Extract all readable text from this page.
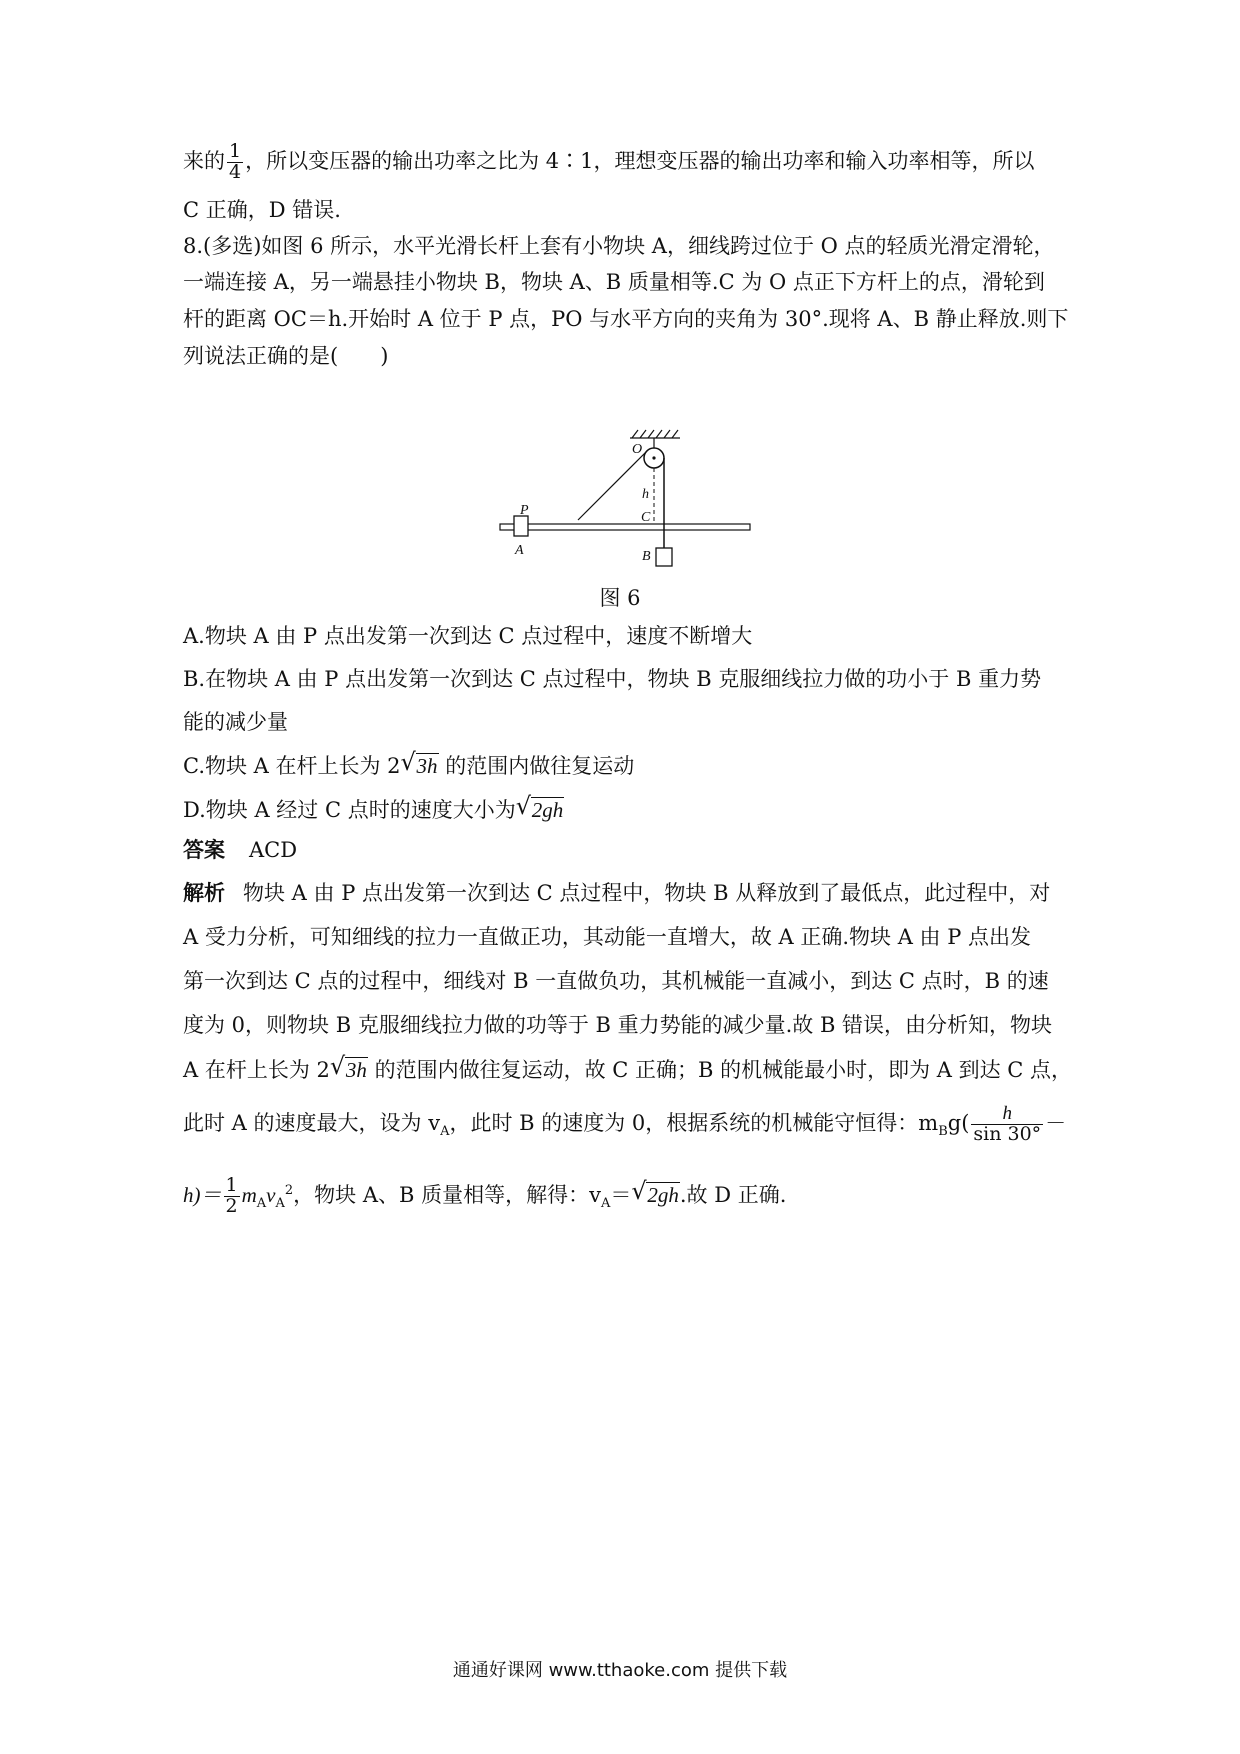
来的 $\frac{1}{4}$ ，所以变压器的输出功率之比为 4∶1，理想变压器的输出功率和输入功率相等，所以
C 正确，D 错误.
8.(多选)如图 6 所示，水平光滑长杆上套有小物块 A，细线跨过位于 O 点的轻质光滑定滑轮，
一端连接 A，另一端悬挂小物块 B，物块 A、B 质量相等.C 为 O 点正下方杆上的点，滑轮到
杆的距离 OC＝h.开始时 A 位于 P 点，PO 与水平方向的夹角为 30°.现将 A、B 静止释放.则下
列说法正确的是(　　)
O
P
A
h
C
B
图 6
A.物块 A 由 P 点出发第一次到达 C 点过程中，速度不断增大
B.在物块 A 由 P 点出发第一次到达 C 点过程中，物块 B 克服细线拉力做的功小于 B 重力势
能的减少量
C.物块 A 在杆上长为 2 √ 3h 的范围内做往复运动
D.物块 A 经过 C 点时的速度大小为 √ 2gh
答案 ACD
解析 物块 A 由 P 点出发第一次到达 C 点过程中，物块 B 从释放到了最低点，此过程中，对
A 受力分析，可知细线的拉力一直做正功，其动能一直增大，故 A 正确.物块 A 由 P 点出发
第一次到达 C 点的过程中，细线对 B 一直做负功，其机械能一直减小，到达 C 点时，B 的速
度为 0，则物块 B 克服细线拉力做的功等于 B 重力势能的减少量.故 B 错误，由分析知，物块
A 在杆上长为 2 √ 3h 的范围内做往复运动，故 C 正确；B 的机械能最小时，即为 A 到达 C 点，
此时 A 的速度最大，设为 $v_A$，此时 B 的速度为 0，根据系统的机械能守恒得：$m_Bg( \frac{h}{\sin 30^\circ}$ －
$h)= \frac{1}{2} m_Av_A^2$，物块 A、B 质量相等，解得：$v_A=$ √ 2gh.故 D 正确.
通通好课网 www.tthaoke.com 提供下载
